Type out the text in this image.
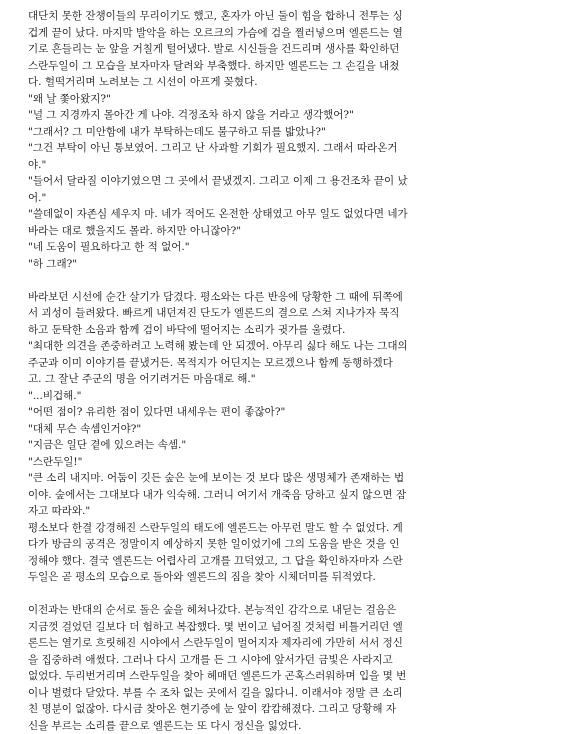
대단치 못한 잔챙이들의 무리이기도 했고, 혼자가 아닌 둘이 힘을 합하니 전투는 싱
겁게 끝이 났다. 마지막 발악을 하는 오르크의 가슴에 검을 찔러넣으며 엘론드는 열
기로 흔들리는 눈 앞을 거칠게 털어냈다. 발로 시신들을 건드리며 생사를 확인하던
스란두일이 그 모습을 보자마자 달려와 부축했다. 하지만 엘론드는 그 손길을 내쳤
다. 헐떡거리며 노려보는 그 시선이 아프게 꽂혔다.
"왜 날 쫓아왔지?"
"널 그 지경까지 몰아간 게 나야. 걱정조차 하지 않을 거라고 생각했어?"
"그래서? 그 미안함에 내가 부탁하는데도 불구하고 뒤를 밟았나?"
"그건 부탁이 아닌 통보였어. 그리고 난 사과할 기회가 필요했지. 그래서 따라온거
야."
"들어서 달라질 이야기였으면 그 곳에서 끝냈겠지. 그리고 이제 그 용건조차 끝이 났
어."
"쓸데없이 자존심 세우지 마. 네가 적어도 온전한 상태였고 아무 일도 없었다면 네가
바라는 대로 했을지도 몰라. 하지만 아니잖아?"
"네 도움이 필요하다고 한 적 없어."
"하 그래?"
바라보던 시선에 순간 살기가 담겼다. 평소와는 다른 반응에 당황한 그 때에 뒤쪽에
서 괴성이 들려왔다. 빠르게 내던져진 단도가 엘론드의 결으로 스쳐 지나가자 묵직
하고 둔탁한 소음과 함께 검이 바닥에 떨어지는 소리가 귓가를 울렸다.
"최대한 의견을 존중하려고 노력해 봤는데 안 되겠어. 아무리 싫다 해도 나는 그대의
주군과 이미 이야기를 끝냈거든. 목적지가 어딘지는 모르겠으나 함께 동행하겠다
고. 그 잘난 주군의 명을 어기려거든 마음대로 해."
"...비겁해."
"어떤 점이? 유리한 점이 있다면 내세우는 편이 좋잖아?"
"대체 무슨 속셈인거야?"
"지금은 일단 곁에 있으려는 속셈."
"스란두일!"
"큰 소리 내지마. 어둠이 깃든 숲은 눈에 보이는 것 보다 많은 생명체가 존재하는 법
이야. 숲에서는 그대보다 내가 익숙해. 그러니 여기서 개죽음 당하고 싶지 않으면 잠
자고 따라와."
평소보다 한결 강경해진 스란두일의 태도에 엘론드는 아무런 말도 할 수 없었다. 게
다가 방금의 공격은 정말이지 예상하지 못한 일이었기에 그의 도움을 받은 것을 인
정해야 했다. 결국 엘론드는 어렵사리 고개를 끄덕였고, 그 답을 확인하자마자 스란
두일은 곧 평소의 모습으로 돌아와 엘론드의 짐을 찾아 시체더미를 뒤적였다.
이전과는 반대의 순서로 돌은 숲을 헤쳐나갔다. 본능적인 감각으로 내딛는 걸음은
지금껏 걸었던 길보다 더 험하고 복잡했다. 몇 번이고 넘어질 것처럼 비틀거리던 엘
론드는 열기로 흐릿해진 시야에서 스란두일이 멀어지자 제자리에 가만히 서서 정신
을 집중하려 애썼다. 그러나 다시 고개를 든 그 시야에 앞서가던 금빛은 사라지고
없었다. 두리번거리며 스란두일을 찾아 헤매던 엘론드가 곤혹스러워하며 입을 몇 번
이나 벌렸다 닫았다. 부를 수 조차 없는 곳에서 길을 잃다니. 이래서야 정말 큰 소리
친 명분이 없잖아. 다시금 찾아온 현기증에 눈 앞이 캄캄해졌다. 그리고 당황해 자
신을 부르는 소리를 끝으로 엘론드는 또 다시 정신을 잃었다.
